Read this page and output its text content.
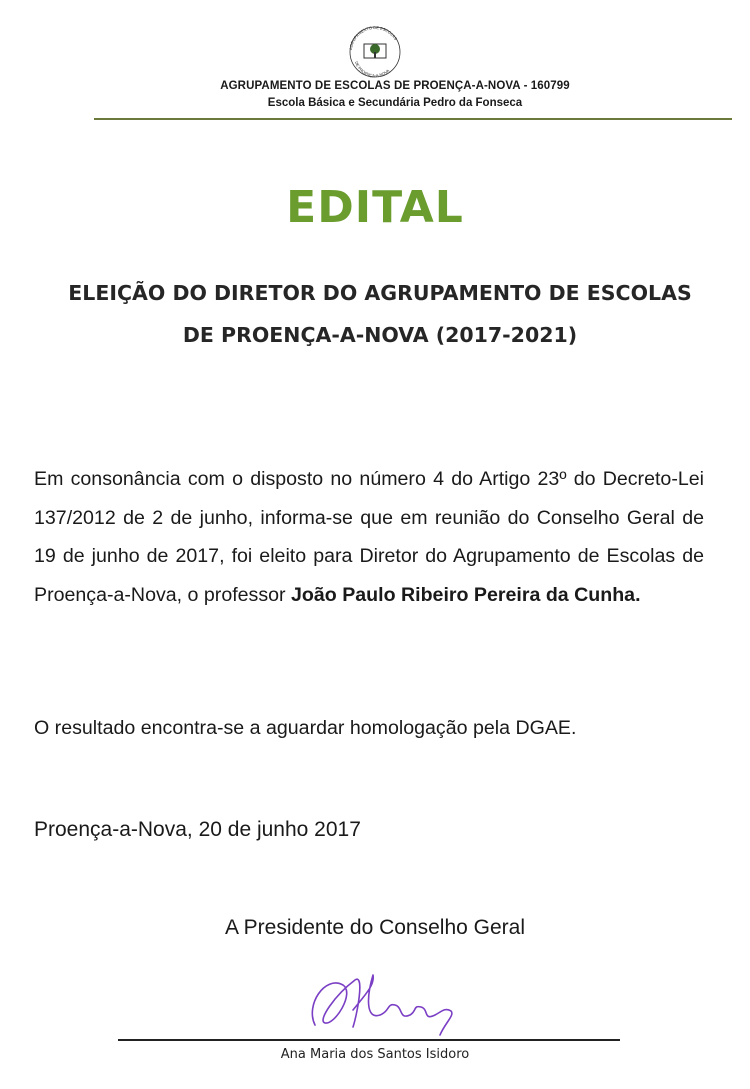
AGRUPAMENTO DE ESCOLAS
DE PROENÇA-A-NOVA
AGRUPAMENTO DE ESCOLAS DE PROENÇA-A-NOVA - 160799
Escola Básica e Secundária Pedro da Fonseca
EDITAL
ELEIÇÃO DO DIRETOR DO AGRUPAMENTO DE ESCOLAS
DE PROENÇA-A-NOVA (2017-2021)
Em consonância com o disposto no número 4 do Artigo 23º do Decreto-Lei 137/2012 de 2 de junho, informa-se que em reunião do Conselho Geral de 19 de junho de 2017, foi eleito para Diretor do Agrupamento de Escolas de Proença-a-Nova, o professor João Paulo Ribeiro Pereira da Cunha.
O resultado encontra-se a aguardar homologação pela DGAE.
Proença-a-Nova, 20 de junho 2017
A Presidente do Conselho Geral
Ana Maria dos Santos Isidoro
